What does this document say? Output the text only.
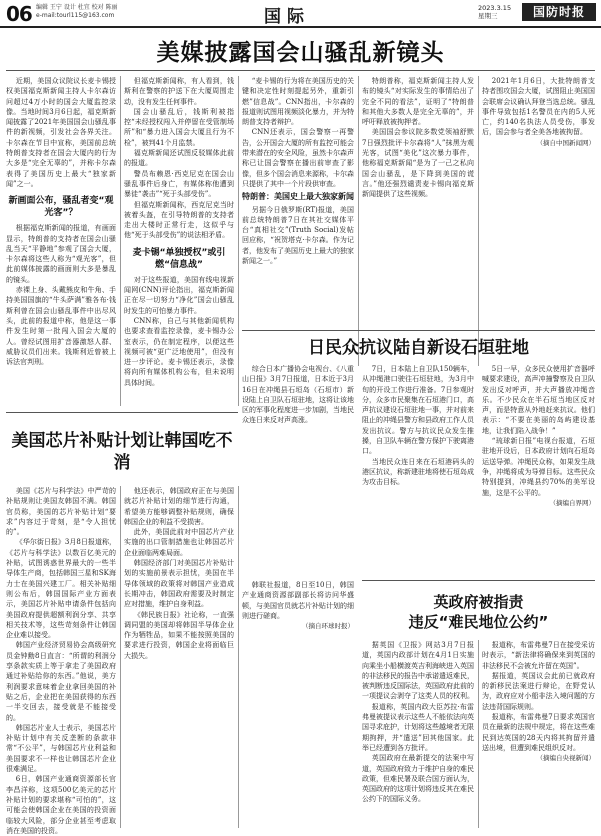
06 编辑 王宁 设计 杜宜 校对 陈丽
e-mail:tourl115@163.com	国际	2023.3.15
星期三	国防时报
美媒披露国会山骚乱新镜头

近期，美国众议院议长麦卡锡授权美国福克斯新闻主持人卡尔森访问超过4万小时的国会大厦监控录像。当地时间3月6日起，福克斯新闻披露了2021年美国国会山骚乱事件的新视频，引发社会各界关注。卡尔森在节目中宣称，美国前总统特朗普支持者在国会大厦内的行为大多是“完全无辜的”，并称卡尔森表得了美国历史上最大“独家新闻”之一。

新画面公布，骚乱者变“观光客”？

根据福克斯新闻的报道，有画面显示，特朗普的支持者在国会山骚乱当天“平静地”参观了国会大厦，卡尔森将这些人称为“观光客”，但此前媒体披露的画面则大多是暴乱的镜头。

赤裸上身、头戴熊皮和牛角、手持美国国旗的“牛头萨满”雅各布·钱斯利曾在国会山骚乱事件中出尽风头，此前的报道中称，他是这一事件发生时第一批闯入国会大厦的人。曾经试图用扩音器激怒人群、威胁议员们出来。钱斯利近曾被上诉法官判刑。

但福克斯新闻称，有人看到，钱斯利在警察的护送下在大厦周围走动，没有发生任何事件。

国会山骚乱后，钱斯利被指控“未经授权闯入并停留在受管制场所”和“暴力进入国会大厦且行为不检”，被判41个月监禁。

福克斯新闻还试图反驳媒体此前的报道。

警员布赖恩·西克尼克在国会山骚乱事件后身亡，有媒体称他遭到暴徒“袭击”“死于头部受伤”。

但福克斯新闻称，西克尼克当时被着头盔，在引导特朗普的支持者走出大楼时正常行走，这似乎与他“死于头部受伤”的说法相矛盾。

麦卡锡“单独授权”或引燃“信息战”

对于这些报道，美国有线电视新闻网(CNN)评论指出，福克斯新闻正在尽一切努力“净化”国会山骚乱时发生的可怕暴力事件。

CNN称，自己与其他新闻机构也要求查看监控录像，麦卡锡办公室表示，仍在制定程序，以便这些视频可被“更广泛地使用”，但没有进一步评论。麦卡锡还表示，录像将向所有媒体机构公布，但未说明具体时间。

“麦卡锡的行为将在美国历史的关键和决定性时刻提起另外，重新引燃”信息战”。CNN指出，卡尔森的报道则试图用视频淡化暴力，并为特朗普支持者辩护。

CNN还表示，国会警察一再警告，公开国会大厦的所有监控可能会带来潜在的安全风险，虽然卡尔森声称已让国会警察在播出前审查了影像，但多个国会消息来源称，卡尔森只提供了其中一个片段供审查。

特朗普：美国史上最大独家新闻

另据今日俄罗斯(RT)报道，美国前总统特朗普7日在其社交媒体平台“真相社交”(Truth Social)发帖回应称，“祝贺塔克·卡尔森。作为记者，他发布了美国历史上最大的独家新闻之一。”

特朗普称，福克斯新闻主持人发布的镜头“对实际发生的事情给出了完全不同的看法”，证明了“特朗普和其他大多数人是完全无辜的”，并呼吁释放被拘押者。

美国国会参议院多数党领袖舒默7日强烈批评卡尔森将“人”抹黑为观光客，试图“美化”这次暴力事件，他称福克斯新闻“是为了一己之私向国会山骚乱，是下降到美国的谎言。”他还强烈谴责麦卡锡向福克斯新闻提供了这些视频。

2021年1月6日，大批特朗普支持者围攻国会大厦，试图阻止美国国会联席会议确认拜登当选总统。骚乱事件导致包括1名警员在内的5人死亡，约140名执法人员受伤，事发后，国会参与者全美各地被拘留。

（摘自中国新闻网）
日民众抗议陆自新设石垣驻地

综合日本广播协会电视台、《八重山日报》3月7日报道，日本近于3月16日在冲绳县石垣岛（石垣市）新设陆上自卫队石垣驻地，这将让该地区的军事化程度进一步加剧，当地民众连日来反对声高涨。

7日，日本陆上自卫队150辆车，从冲绳港口驶往石垣驻地，为3月中旬的开设工作进行准备。7日参观时分，众多市民聚集在石垣港门口，高声抗议建设石垣驻地一事，并对前来阻止的冲绳县警方和县政府工作人员发出抗议。警方与抗议民众发生推搡，自卫队车辆在警方保护下驶离港口。

当地民众连日来在石垣港码头的港区抗议，称新建驻地将使石垣岛成为攻击目标。

5日一早，众多民众使用扩音器呼喊要求建设，高声冲撞警察及自卫队发出反对呼声，并大声播放冲绳音乐。不少民众在半石垣当地区反对声，而是特意从外地赶来抗议。他们表示：“不要在美丽的岛屿建设基地，让我们陷入战争！”

“琉球新日报”电视台报道，石垣驻地开设后，日本政府计划向石垣岛运送导弹。冲绳民众称，如果发生战争，冲绳将成为导弹目标。这些民众特别提到，冲绳县约70%的美军设施，这是不公平的。

（摘编自界网）
美国芯片补贴计划让韩国吃不消

美国《芯片与科学法》中严苛的补贴规则让美国友韩国不满。韩国官员称，美国的芯片补贴计划“要求”内容过于苛刻，是“令人担忧的”。

《华尔街日报》3月8日报道称，《芯片与科学法》以数百亿美元的补贴，试图诱惑世界最大的一些半导体生产商，包括韩国三星和SK海力士在美国兴建工厂。相关补贴细则公布后，韩国国际产业方面表示，美国芯片补贴申请条件包括向美国政府提供超额利润分享、共享相关技术等，这些苛刻条件让韩国企业难以接受。

韩国产业经济贸易协会高级研究员金钟勳8日直言：“所谓的利润分享条款实质上等于拿走了美国政府通过补贴给你的东西。”他说，美方利润要求意味着企业拿回美国的补贴之后，企业把在美国获得的东西一半交回去，接受就是不能接受的。

韩国芯片业人士表示，美国芯片补贴计划中有关反垄断的条款非常“不公平”，与韩国芯片业利益和美国要求不一样也让韩国芯片企业很难满足。

6日，韩国产业通商资源部长官李昌洋称，这项500亿美元的芯片补贴计划的要求堪称“可怕的”，这可能会使韩国企业在美国的投资面临较大风险，部分企业甚至考虑取消在美国的投资。

他还表示，韩国政府正在与美国就芯片补贴计划的细节进行沟通，希望美方能够调整补贴规则，确保韩国企业的利益不受损害。

此外，美国此前对中国芯片产业实施的出口管制措施也让韩国芯片企业面临两难局面。

韩国经济部门对美国芯片补贴计划的实施前景表示担忧，美国在半导体领域的政策将对韩国产业造成长期冲击，韩国政府需要及时制定应对措施，维护自身利益。

《韩民族日报》社论称，一直强调同盟的美国却将韩国半导体企业作为牺牲品，如果不能按照美国的要求进行投资，韩国企业将面临巨大损失。

韩联社报道，8日至10日，韩国产业通商资源部副部长将访问华盛顿，与美国官员就芯片补贴计划的细则进行磋商。

（摘自环球时报）
英政府被指责
违反“难民地位公约”

据英国《卫报》网站3月7日报道，英国内政部计划在4月1日实施向乘坐小船横渡英吉利海峡进入英国的非法移民的报告中承诺遣返难民，被判断违反国际法，英国政府此前的一项提议会剥夺了这类人员的权利。

报道称，英国内政大臣苏拉·布雷弗曼被提议表示这些人不能依法向英国寻求庇护，计划将这些越境者无限期拘押，并“遣送”回其他国家。此举已经遭到各方批评。

英国政府在最新提交的法案中写道，英国政府致力于维护自身的难民政策，但难民署及联合国方面认为，英国政府的这项计划将违反其在难民公约下的国际义务。

报道称，布雷弗曼7日在接受采访时表示，“新法律将确保来到英国的非法移民不会被允许留在英国”。

据报道，英国议会此前已就政府的新移民法案进行辩论，在野党认为，政府应对小船非法入境问题的方法违背国际规则。

报道称，布雷弗曼7日要求英国官员在最新的法规中规定，将在这些难民到达英国的28天内将其拘留并遣送出境，但遭到难民组织反对。

（摘编自央视新闻）
